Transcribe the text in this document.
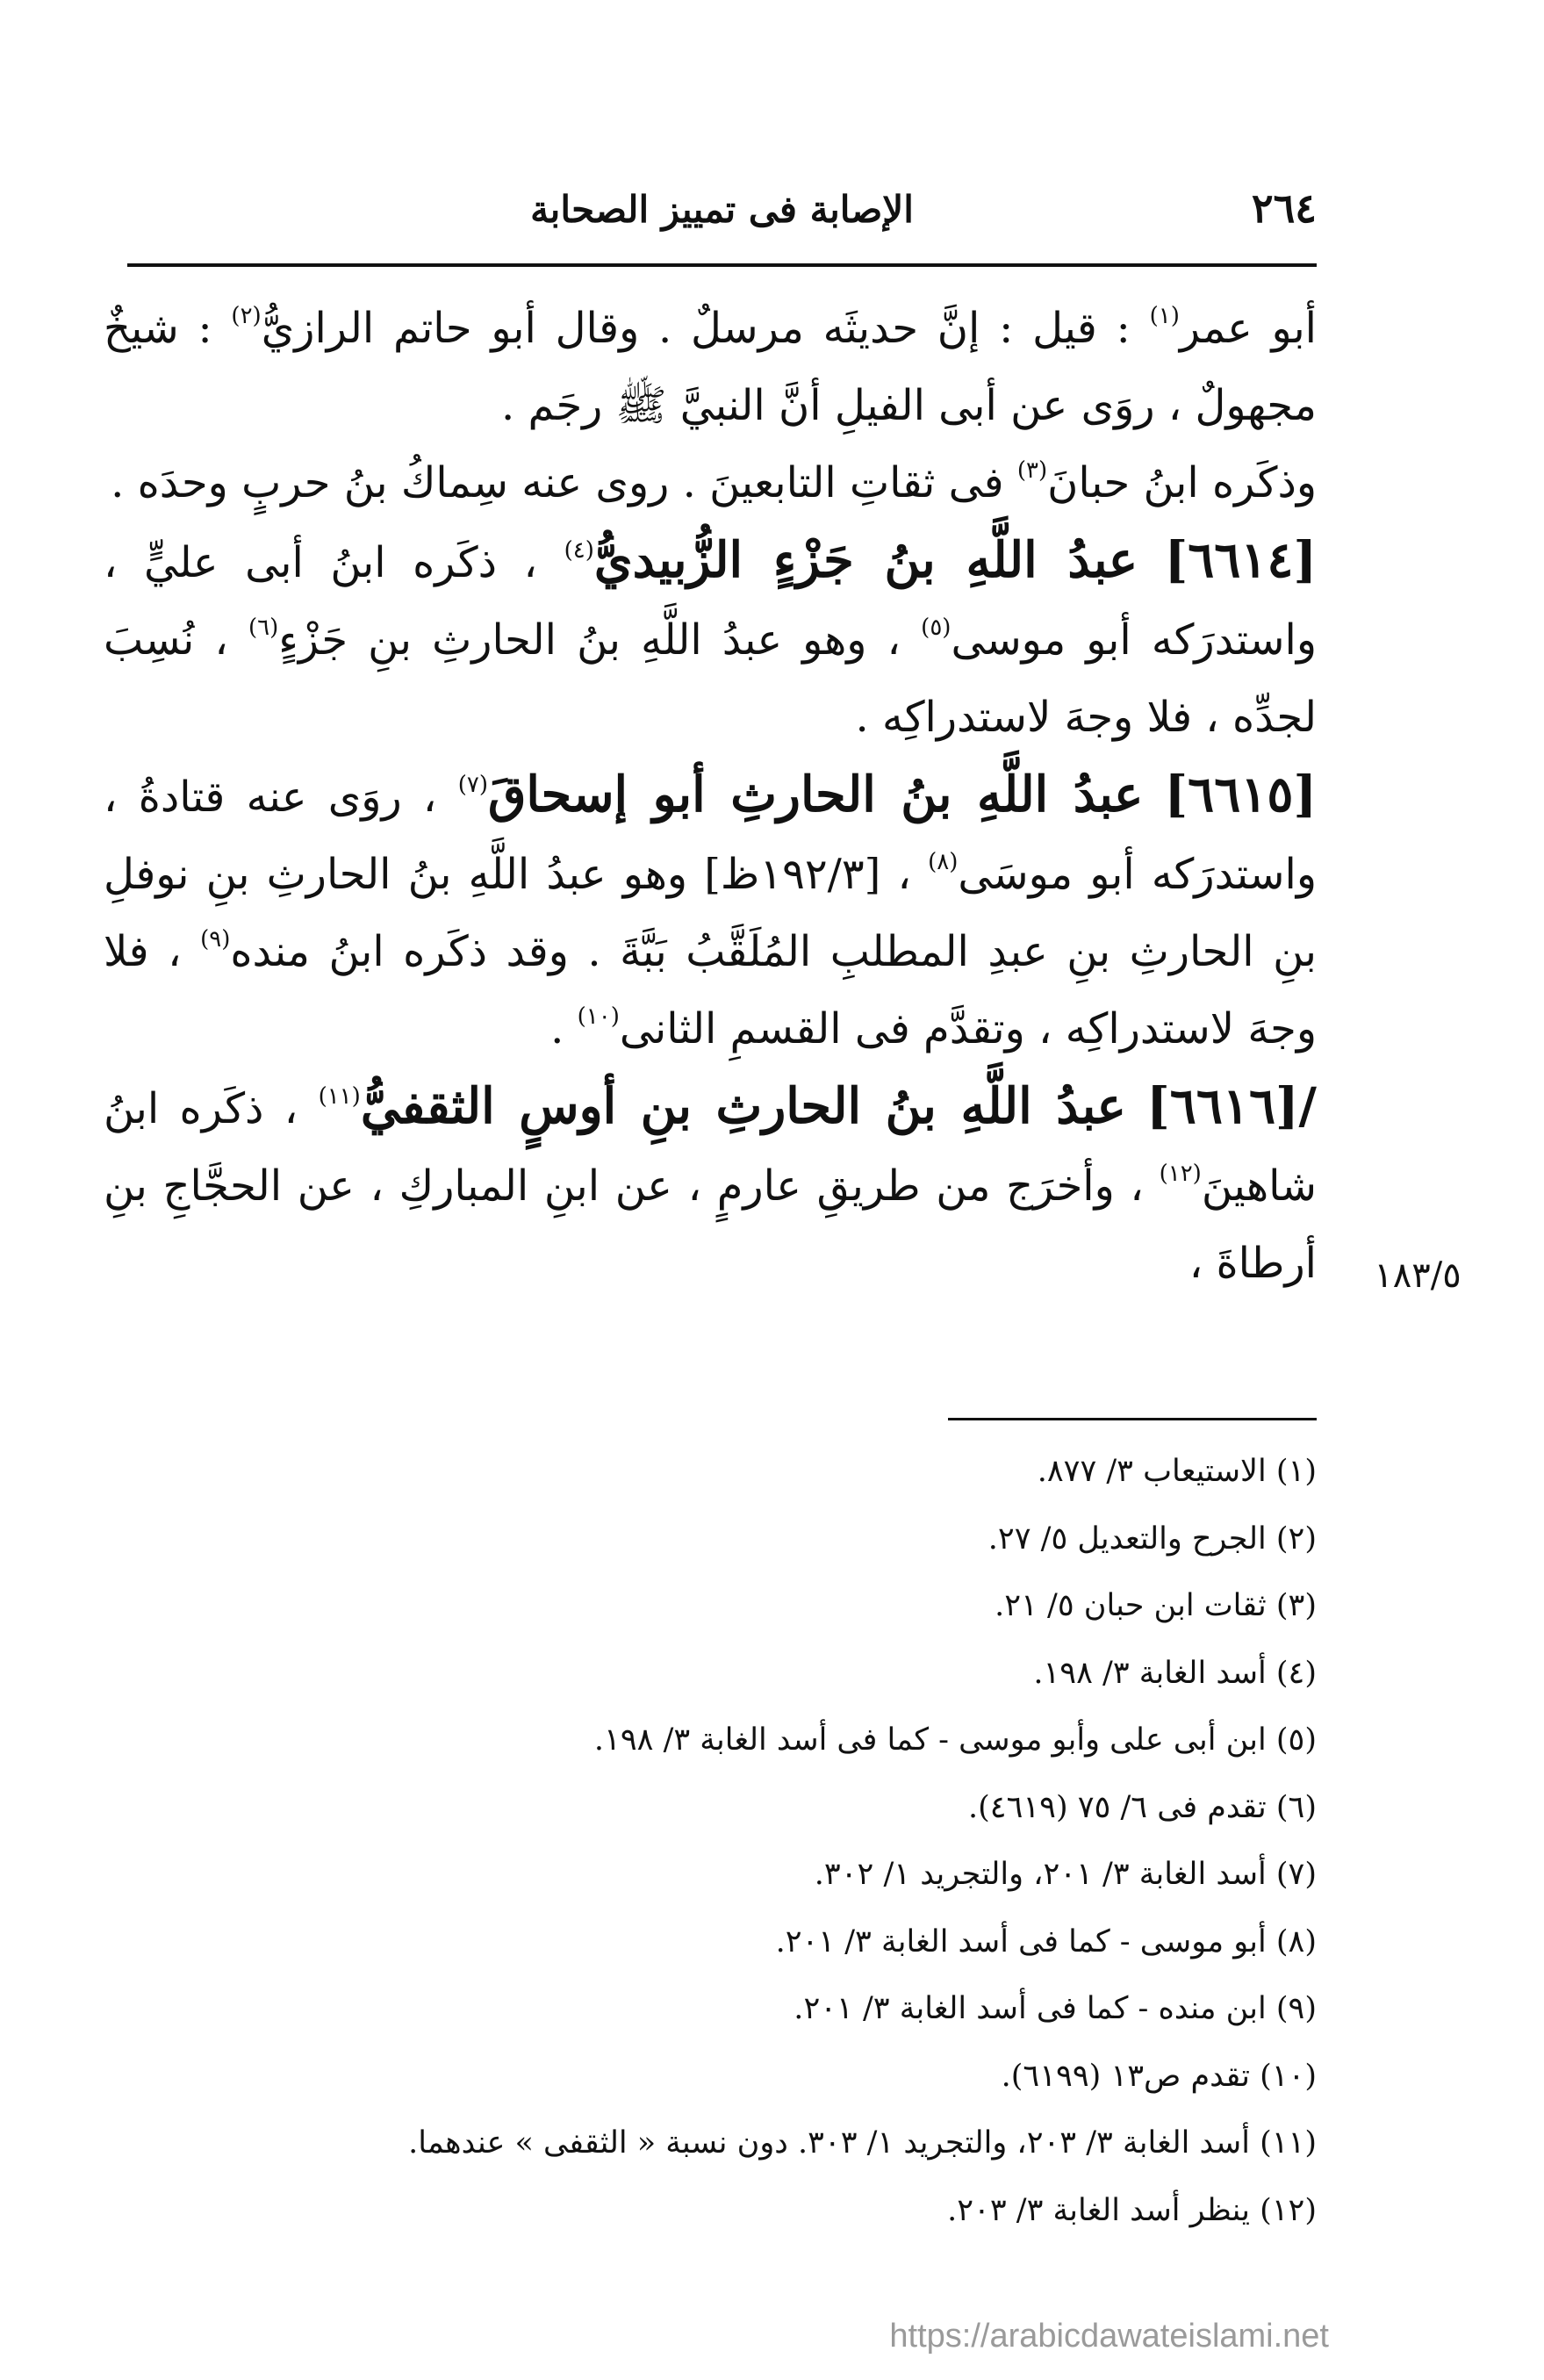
٢٦٤
الإصابة فى تمييز الصحابة

أبو عمر$^{(١)}$ : قيل : إنَّ حديثَه مرسلٌ . وقال أبو حاتم الرازيُّ$^{(٢)}$ : شيخٌ مجهولٌ ، روَى عن أبى الفيلِ أنَّ النبيَّ ﷺ رجَم .

وذكَره ابنُ حبانَ$^{(٣)}$ فى ثقاتِ التابعينَ . روى عنه سِماكُ بنُ حربٍ وحدَه .

[٦٦١٤] عبدُ اللَّهِ بنُ جَزْءٍ الزُّبيديُّ$^{(٤)}$ ، ذكَره ابنُ أبى عليٍّ ، واستدرَكه أبو موسى$^{(٥)}$ ، وهو عبدُ اللَّهِ بنُ الحارثِ بنِ جَزْءٍ$^{(٦)}$ ، نُسِبَ لجدِّه ، فلا وجهَ لاستدراكِه .

[٦٦١٥] عبدُ اللَّهِ بنُ الحارثِ أبو إسحاقَ$^{(٧)}$ ، روَى عنه قتادةُ ، واستدرَكه أبو موسَى$^{(٨)}$ ، [١٩٢/٣ظ] وهو عبدُ اللَّهِ بنُ الحارثِ بنِ نوفلِ بنِ الحارثِ بنِ عبدِ المطلبِ المُلَقَّبُ بَبَّةَ . وقد ذكَره ابنُ منده$^{(٩)}$ ، فلا وجهَ لاستدراكِه ، وتقدَّم فى القسمِ الثانى$^{(١٠)}$ .

/[٦٦١٦] عبدُ اللَّهِ بنُ الحارثِ بنِ أوسٍ الثقفيُّ$^{(١١)}$ ، ذكَره ابنُ شاهينَ$^{(١٢)}$ ، وأخرَج من طريقِ عارمٍ ، عن ابنِ المباركِ ، عن الحجَّاجِ بنِ أرطاةَ ،	١٨٣/٥
(١) الاستيعاب ٣/ ٨٧٧.
(٢) الجرح والتعديل ٥/ ٢٧.
(٣) ثقات ابن حبان ٥/ ٢١.
(٤) أسد الغابة ٣/ ١٩٨.
(٥) ابن أبى على وأبو موسى - كما فى أسد الغابة ٣/ ١٩٨.
(٦) تقدم فى ٦/ ٧٥ (٤٦١٩).
(٧) أسد الغابة ٣/ ٢٠١، والتجريد ١/ ٣٠٢.
(٨) أبو موسى - كما فى أسد الغابة ٣/ ٢٠١.
(٩) ابن منده - كما فى أسد الغابة ٣/ ٢٠١.
(١٠) تقدم ص١٣ (٦١٩٩).
(١١) أسد الغابة ٣/ ٢٠٣، والتجريد ١/ ٣٠٣. دون نسبة « الثقفى » عندهما.
(١٢) ينظر أسد الغابة ٣/ ٢٠٣.
https://arabicdawateislami.net
